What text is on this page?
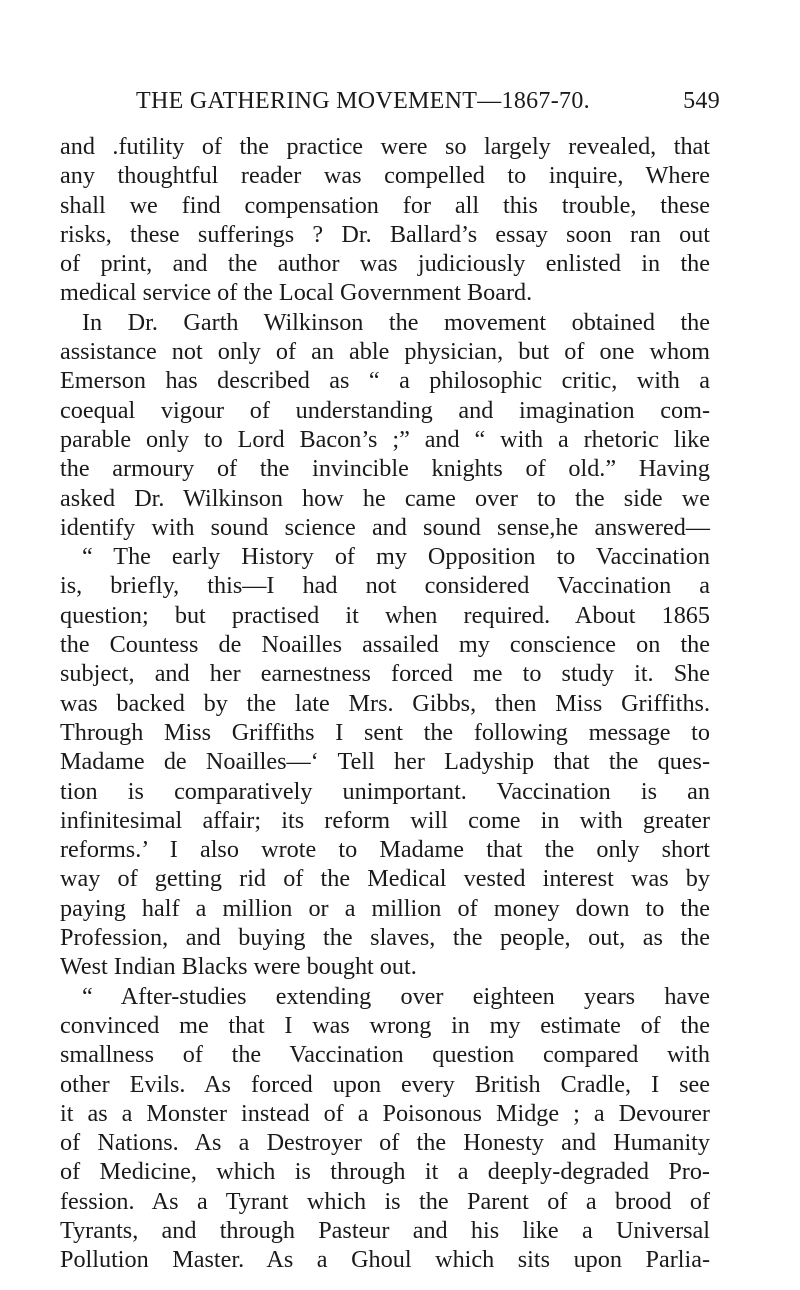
THE GATHERING MOVEMENT—1867-70.	549
and .futility of the practice were so largely revealed, that
any thoughtful reader was compelled to inquire, Where
shall we find compensation for all this trouble, these
risks, these sufferings ? Dr. Ballard’s essay soon ran out
of print, and the author was judiciously enlisted in the
medical service of the Local Government Board.
In Dr. Garth Wilkinson the movement obtained the
assistance not only of an able physician, but of one whom
Emerson has described as “ a philosophic critic, with a
coequal vigour of understanding and imagination com-
parable only to Lord Bacon’s ;” and “ with a rhetoric like
the armoury of the invincible knights of old.” Having
asked Dr. Wilkinson how he came over to the side we
identify with sound science and sound sense,he answered—
“ The early History of my Opposition to Vaccination
is, briefly, this—I had not considered Vaccination a
question; but practised it when required. About 1865
the Countess de Noailles assailed my conscience on the
subject, and her earnestness forced me to study it. She
was backed by the late Mrs. Gibbs, then Miss Griffiths.
Through Miss Griffiths I sent the following message to
Madame de Noailles—‘ Tell her Ladyship that the ques-
tion is comparatively unimportant. Vaccination is an
infinitesimal affair; its reform will come in with greater
reforms.’ I also wrote to Madame that the only short
way of getting rid of the Medical vested interest was by
paying half a million or a million of money down to the
Profession, and buying the slaves, the people, out, as the
West Indian Blacks were bought out.
“ After-studies extending over eighteen years have
convinced me that I was wrong in my estimate of the
smallness of the Vaccination question compared with
other Evils. As forced upon every British Cradle, I see
it as a Monster instead of a Poisonous Midge ; a Devourer
of Nations. As a Destroyer of the Honesty and Humanity
of Medicine, which is through it a deeply-degraded Pro-
fession. As a Tyrant which is the Parent of a brood of
Tyrants, and through Pasteur and his like a Universal
Pollution Master. As a Ghoul which sits upon Parlia-
